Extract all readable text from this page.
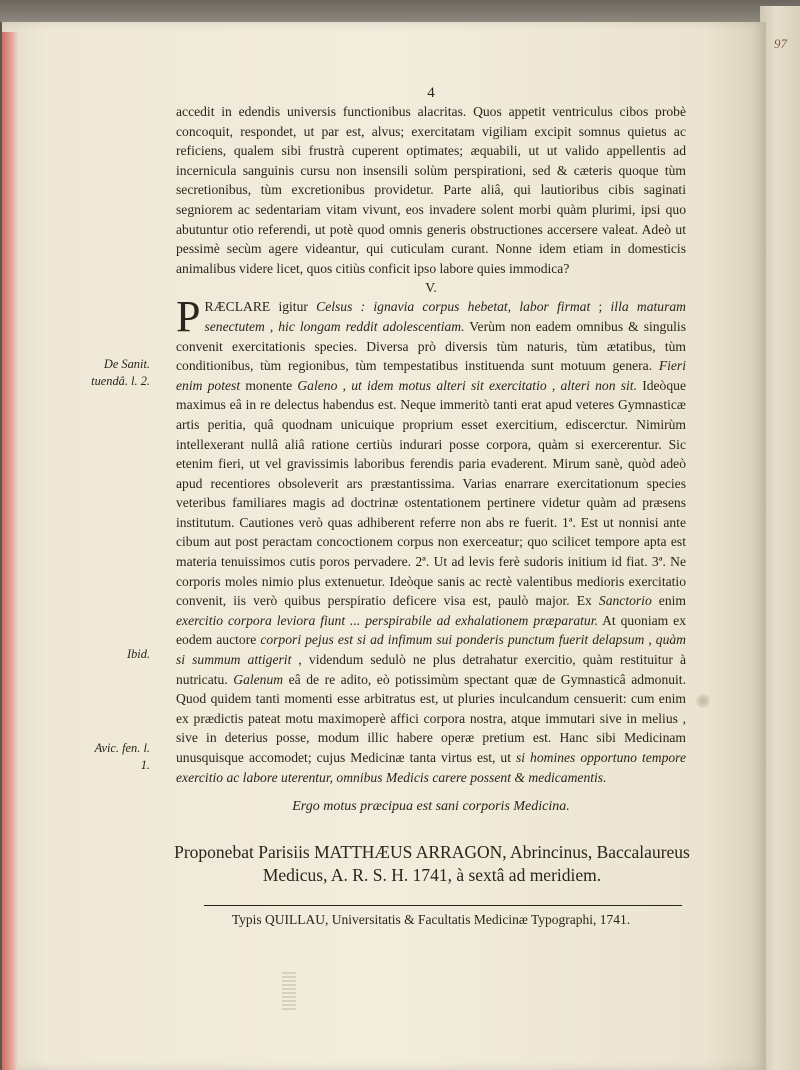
97
De Sanit. tuendâ. l. 2.
Ibid.
Avic. fen. l. 1.
4

accedit in edendis universis functionibus alacritas. Quos appetit ventriculus cibos probè concoquit, respondet, ut par est, alvus; exercitatam vigiliam excipit somnus quietus ac reficiens, qualem sibi frustrà cuperent optimates; æquabili, ut ut valido appellentis ad incernicula sanguinis cursu non insensili solùm perspirationi, sed & cæteris quoque tùm secretionibus, tùm excretionibus providetur. Parte aliâ, qui lautioribus cibis saginati segniorem ac sedentariam vitam vivunt, eos invadere solent morbi quàm plurimi, ipsi quo abutuntur otio referendi, ut potè quod omnis generis obstructiones accersere valeat. Adeò ut pessimè secùm agere videantur, qui cuticulam curant. Nonne idem etiam in domesticis animalibus videre licet, quos citiùs conficit ipso labore quies immodica?

V.

PRÆCLARE igitur Celsus : ignavia corpus hebetat, labor firmat ; illa maturam senectutem , hic longam reddit adolescentiam. Verùm non eadem omnibus & singulis convenit exercitationis species. Diversa prò diversis tùm naturis, tùm ætatibus, tùm conditionibus, tùm regionibus, tùm tempestatibus instituenda sunt motuum genera. Fieri enim potest monente Galeno , ut idem motus alteri sit exercitatio , alteri non sit. Ideòque maximus eâ in re delectus habendus est. Neque immeritò tanti erat apud veteres Gymnasticæ artis peritia, quâ quodnam unicuique proprium esset exercitium, ediscerctur. Nimirùm intellexerant nullâ aliâ ratione certiùs indurari posse corpora, quàm si exercerentur. Sic etenim fieri, ut vel gravissimis laboribus ferendis paria evaderent. Mirum sanè, quòd adeò apud recentiores obsoleverit ars præstantissima. Varias enarrare exercitationum species veteribus familiares magis ad doctrinæ ostentationem pertinere videtur quàm ad præsens institutum. Cautiones verò quas adhiberent referre non abs re fuerit. 1ª. Est ut nonnisi ante cibum aut post peractam concoctionem corpus non exerceatur; quo scilicet tempore apta est materia tenuissimos cutis poros pervadere. 2ª. Ut ad levis ferè sudoris initium id fiat. 3ª. Ne corporis moles nimio plus extenuetur. Ideòque sanis ac rectè valentibus medioris exercitatio convenit, iis verò quibus perspiratio deficere visa est, paulò major. Ex Sanctorio enim exercitio corpora leviora fiunt ... perspirabile ad exhalationem præparatur. At quoniam ex eodem auctore corpori pejus est si ad infimum sui ponderis punctum fuerit delapsum , quàm si summum attigerit , videndum sedulò ne plus detrahatur exercitio, quàm restituitur à nutricatu. Galenum eâ de re adito, eò potissimùm spectant quæ de Gymnasticâ admonuit. Quod quidem tanti momenti esse arbitratus est, ut pluries inculcandum censuerit: cum enim ex prædictis pateat motu maximoperè affici corpora nostra, atque immutari sive in melius , sive in deterius posse, modum illic habere operæ pretium est. Hanc sibi Medicinam unusquisque accomodet; cujus Medicinæ tanta virtus est, ut si homines opportuno tempore exercitio ac labore uterentur, omnibus Medicis carere possent & medicamentis.

Ergo motus præcipua est sani corporis Medicina.
Proponebat Parisiis MATTHÆUS ARRAGON, Abrincinus, Baccalaureus Medicus, A. R. S. H. 1741, à sextâ ad meridiem.
Typis QUILLAU, Universitatis & Facultatis Medicinæ Typographi, 1741.
